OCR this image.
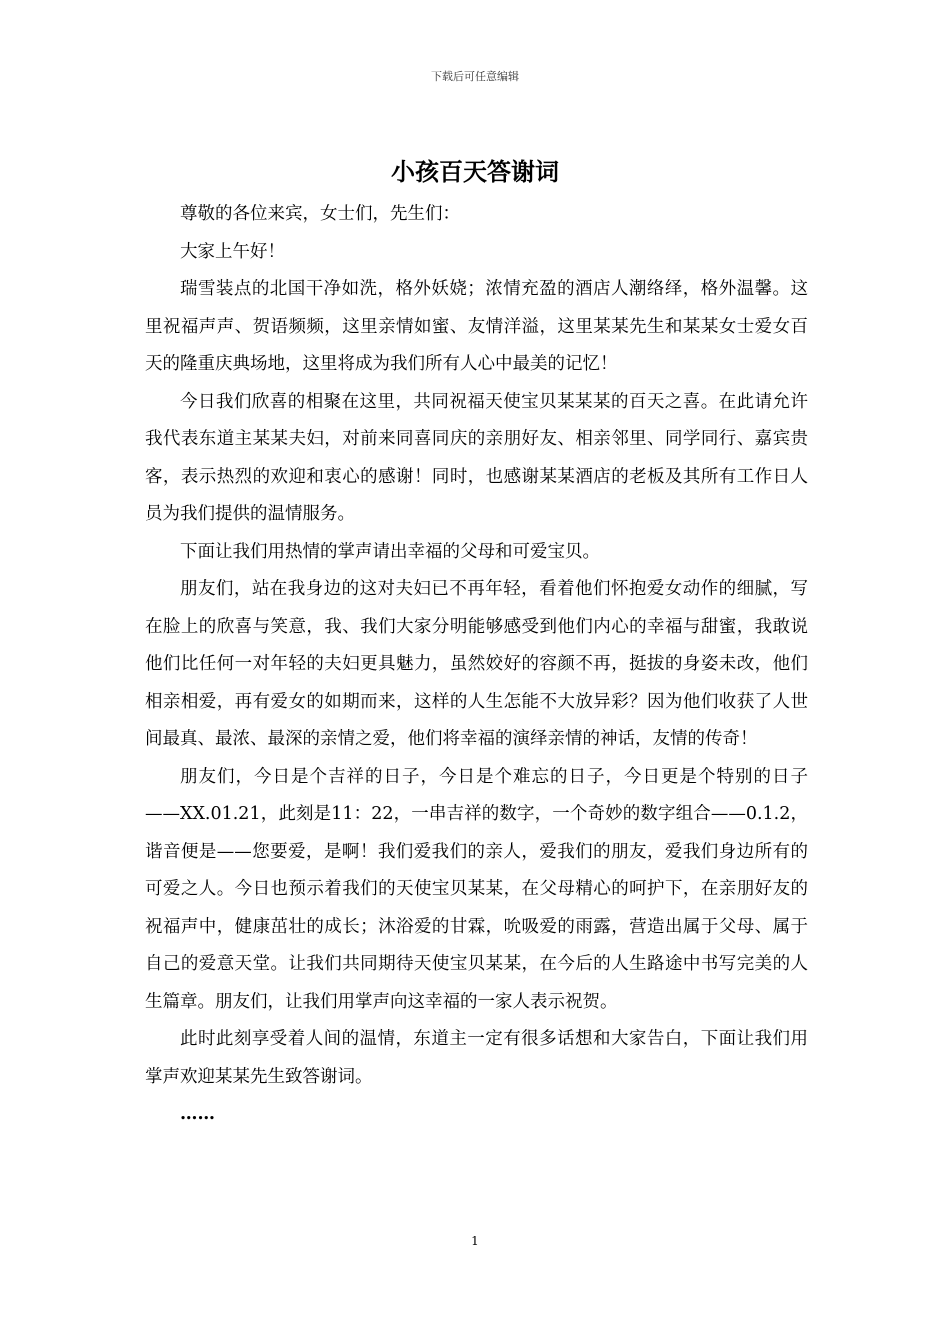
下载后可任意编辑
小孩百天答谢词

尊敬的各位来宾，女士们，先生们：

大家上午好！

瑞雪装点的北国干净如洗，格外妖娆；浓情充盈的酒店人潮络绎，格外温馨。这里祝福声声、贺语频频，这里亲情如蜜、友情洋溢，这里某某先生和某某女士爱女百天的隆重庆典场地，这里将成为我们所有人心中最美的记忆！

今日我们欣喜的相聚在这里，共同祝福天使宝贝某某某的百天之喜。在此请允许我代表东道主某某夫妇，对前来同喜同庆的亲朋好友、相亲邻里、同学同行、嘉宾贵客，表示热烈的欢迎和衷心的感谢！同时，也感谢某某酒店的老板及其所有工作日人员为我们提供的温情服务。

下面让我们用热情的掌声请出幸福的父母和可爱宝贝。

朋友们，站在我身边的这对夫妇已不再年轻，看着他们怀抱爱女动作的细腻，写在脸上的欣喜与笑意，我、我们大家分明能够感受到他们内心的幸福与甜蜜，我敢说他们比任何一对年轻的夫妇更具魅力，虽然姣好的容颜不再，挺拔的身姿未改，他们相亲相爱，再有爱女的如期而来，这样的人生怎能不大放异彩？因为他们收获了人世间最真、最浓、最深的亲情之爱，他们将幸福的演绎亲情的神话，友情的传奇！

朋友们，今日是个吉祥的日子，今日是个难忘的日子，今日更是个特别的日子——XX.01.21，此刻是11：22，一串吉祥的数字，一个奇妙的数字组合——0.1.2，谐音便是——您要爱，是啊！我们爱我们的亲人，爱我们的朋友，爱我们身边所有的可爱之人。今日也预示着我们的天使宝贝某某，在父母精心的呵护下，在亲朋好友的祝福声中，健康茁壮的成长；沐浴爱的甘霖，吮吸爱的雨露，营造出属于父母、属于自己的爱意天堂。让我们共同期待天使宝贝某某，在今后的人生路途中书写完美的人生篇章。朋友们，让我们用掌声向这幸福的一家人表示祝贺。

此时此刻享受着人间的温情，东道主一定有很多话想和大家告白，下面让我们用掌声欢迎某某先生致答谢词。

……

1
